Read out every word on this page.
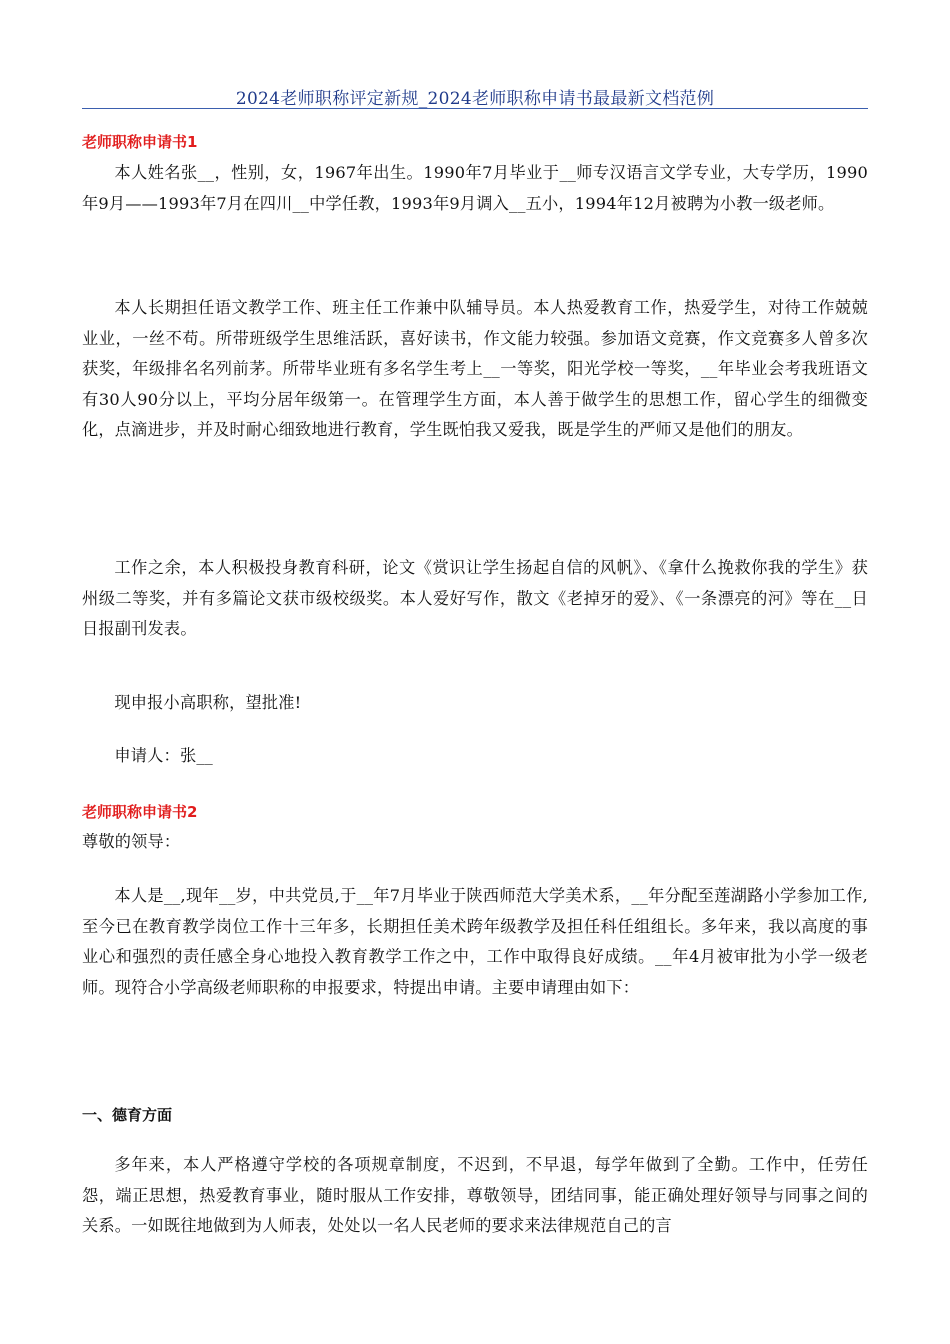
2024老师职称评定新规_2024老师职称申请书最最新文档范例
老师职称申请书1
本人姓名张__，性别，女，1967年出生。1990年7月毕业于__师专汉语言文学专业，大专学历，1990年9月——1993年7月在四川__中学任教，1993年9月调入__五小，1994年12月被聘为小教一级老师。
本人长期担任语文教学工作、班主任工作兼中队辅导员。本人热爱教育工作，热爱学生，对待工作兢兢业业，一丝不苟。所带班级学生思维活跃，喜好读书，作文能力较强。参加语文竞赛，作文竞赛多人曾多次获奖，年级排名名列前茅。所带毕业班有多名学生考上__一等奖，阳光学校一等奖，__年毕业会考我班语文有30人90分以上，平均分居年级第一。在管理学生方面，本人善于做学生的思想工作，留心学生的细微变化，点滴进步，并及时耐心细致地进行教育，学生既怕我又爱我，既是学生的严师又是他们的朋友。
工作之余，本人积极投身教育科研，论文《赏识让学生扬起自信的风帆》、《拿什么挽救你我的学生》获州级二等奖，并有多篇论文获市级校级奖。本人爱好写作，散文《老掉牙的爱》、《一条漂亮的河》等在__日日报副刊发表。
现申报小高职称，望批准!
申请人：张__
老师职称申请书2
尊敬的领导：
本人是__,现年__岁，中共党员,于__年7月毕业于陕西师范大学美术系，__年分配至莲湖路小学参加工作,至今已在教育教学岗位工作十三年多，长期担任美术跨年级教学及担任科任组组长。多年来，我以高度的事业心和强烈的责任感全身心地投入教育教学工作之中，工作中取得良好成绩。__年4月被审批为小学一级老师。现符合小学高级老师职称的申报要求，特提出申请。主要申请理由如下：
一、德育方面
多年来，本人严格遵守学校的各项规章制度，不迟到，不早退，每学年做到了全勤。工作中，任劳任怨，端正思想，热爱教育事业，随时服从工作安排，尊敬领导，团结同事，能正确处理好领导与同事之间的关系。一如既往地做到为人师表，处处以一名人民老师的要求来法律规范自己的言
